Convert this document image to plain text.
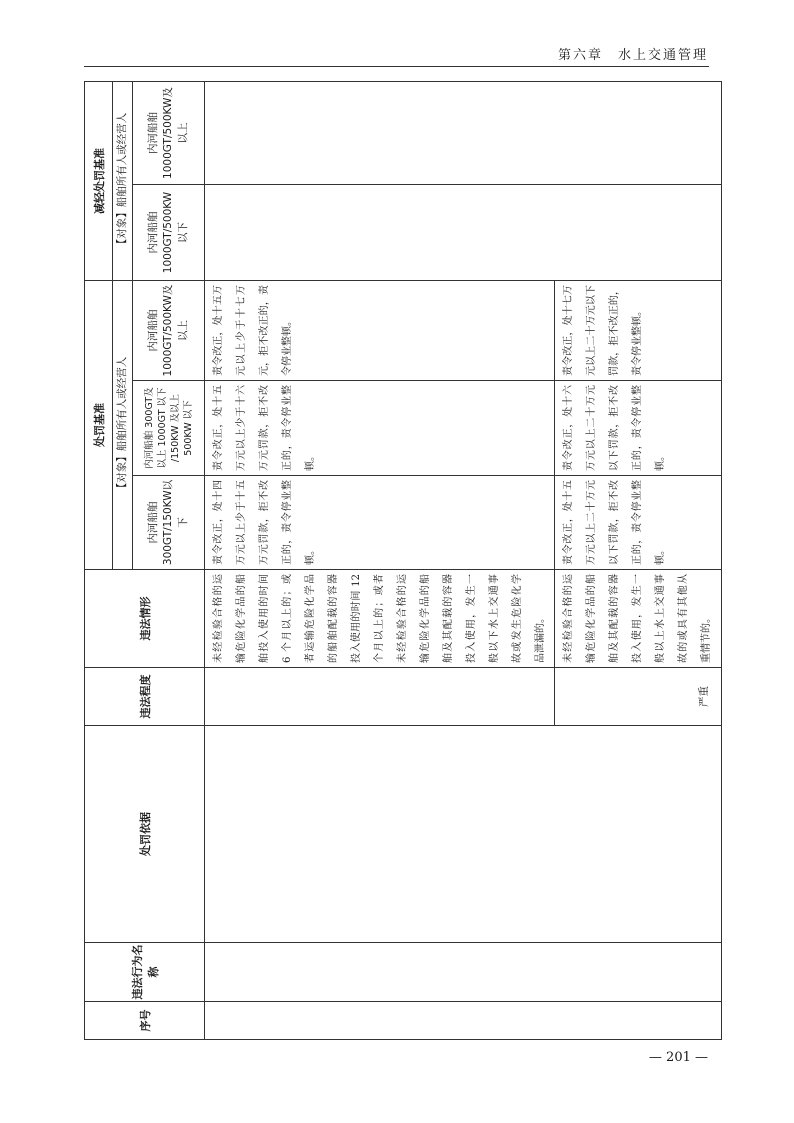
第六章　水上交通管理
序号	违法行为名称	处罚依据	违法程度	违法情形	处罚基准			减轻处罚基准	
					【对象】船舶所有人或经营人			【对象】船舶所有人或经营人	
					内河船舶300GT/150KW以下	内河船舶 300GT及以上 1000GT 以下 /150KW 及以上500KW 以下	内河船舶1000GT/500KW及以上	内河船舶1000GT/500KW以下	内河船舶1000GT/500KW及以上
				未经检验合格的运输危险化学品的船舶投入使用的时间 6 个月以上的；或者运输危险化学品的船舶配载的容器投入使用的时间 12 个月以上的；或者未经检验合格的运输危险化学品的船舶及其配载的容器投入使用，发生一般以下水上交通事故或发生危险化学品泄漏的。	责令改正，处十四万元以上少于十五万元罚款，拒不改正的，责令停业整顿。	责令改正，处十五万元以上少于十六万元罚款，拒不改正的，责令停业整顿。	责令改正，处十五万元以上少于十七万元，拒不改正的，责令停业整顿。		
			严重	未经检验合格的运输危险化学品的船舶及其配载的容器投入使用，发生一般以上水上交通事故的或具有其他从重情节的。	责令改正，处十五万元以上二十万元以下罚款，拒不改正的，责令停业整顿。	责令改正，处十六万元以上二十万元以下罚款，拒不改正的，责令停业整顿。	责令改正，处十七万元以上二十万元以下罚款，拒不改正的，责令停业整顿。		
— 201 —
